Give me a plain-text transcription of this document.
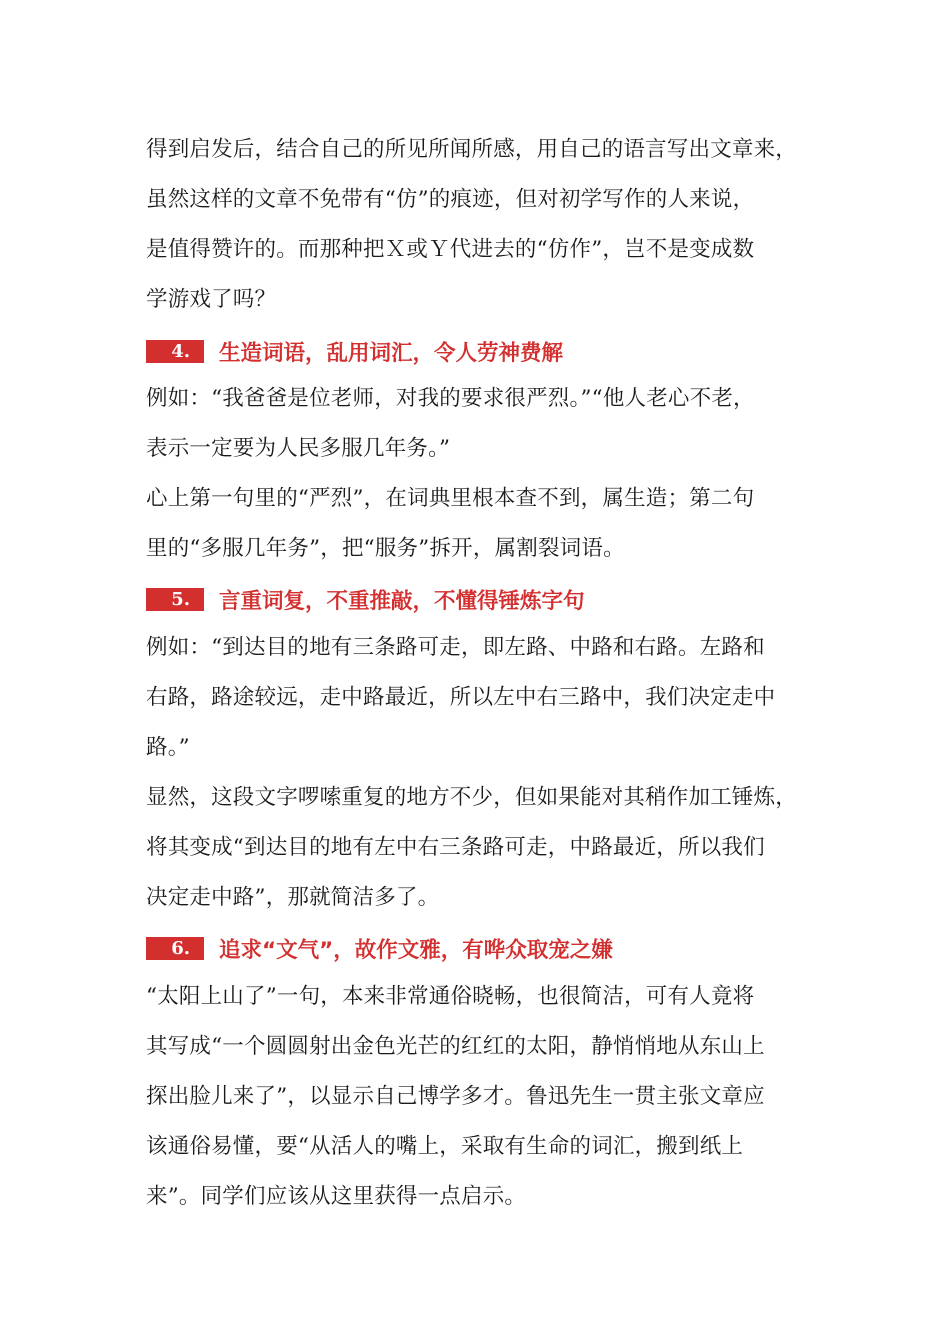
得到启发后，结合自己的所见所闻所感，用自己的语言写出文章来，

虽然这样的文章不免带有“仿”的痕迹，但对初学写作的人来说，

是值得赞许的。而那种把Ｘ或Ｙ代进去的“仿作”，岂不是变成数

学游戏了吗？

4.	生造词语，乱用词汇，令人劳神费解

例如：“我爸爸是位老师，对我的要求很严烈。”“他人老心不老，

表示一定要为人民多服几年务。”

心上第一句里的“严烈”，在词典里根本查不到，属生造；第二句

里的“多服几年务”，把“服务”拆开，属割裂词语。

5.	言重词复，不重推敲，不懂得锤炼字句

例如：“到达目的地有三条路可走，即左路、中路和右路。左路和

右路，路途较远，走中路最近，所以左中右三路中，我们决定走中

路。”

显然，这段文字啰嗦重复的地方不少，但如果能对其稍作加工锤炼，

将其变成“到达目的地有左中右三条路可走，中路最近，所以我们

决定走中路”，那就简洁多了。

6.	追求“文气”，故作文雅，有哗众取宠之嫌

“太阳上山了”一句，本来非常通俗晓畅，也很简洁，可有人竟将

其写成“一个圆圆射出金色光芒的红红的太阳，静悄悄地从东山上

探出脸儿来了”，以显示自己博学多才。鲁迅先生一贯主张文章应

该通俗易懂，要“从活人的嘴上，采取有生命的词汇，搬到纸上

来”。同学们应该从这里获得一点启示。
